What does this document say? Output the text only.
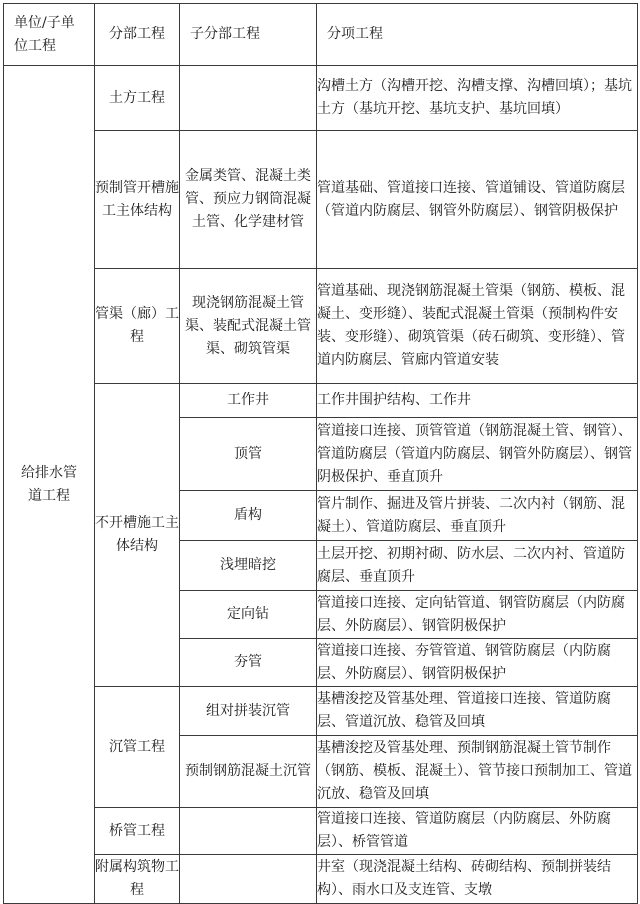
单位/子单位工程	分部工程	子分部工程	分项工程

给排水管道工程	土方工程		沟槽土方（沟槽开挖、沟槽支撑、沟槽回填）；基坑土方（基坑开挖、基坑支护、基坑回填）
	预制管开槽施工主体结构	金属类管、混凝土类管、预应力钢筒混凝土管、化学建材管	管道基础、管道接口连接、管道铺设、管道防腐层（管道内防腐层、钢管外防腐层）、钢管阴极保护
	管渠（廊）工程	现浇钢筋混凝土管渠、装配式混凝土管渠、砌筑管渠	管道基础、现浇钢筋混凝土管渠（钢筋、模板、混凝土、变形缝）、装配式混凝土管渠（预制构件安装、变形缝）、砌筑管渠（砖石砌筑、变形缝）、管道内防腐层、管廊内管道安装
	不开槽施工主体结构	工作井	工作井围护结构、工作井
		顶管	管道接口连接、顶管管道（钢筋混凝土管、钢管）、管道防腐层（管道内防腐层、钢管外防腐层）、钢管阴极保护、垂直顶升
		盾构	管片制作、掘进及管片拼装、二次内衬（钢筋、混凝土）、管道防腐层、垂直顶升
		浅埋暗挖	土层开挖、初期衬砌、防水层、二次内衬、管道防腐层、垂直顶升
		定向钻	管道接口连接、定向钻管道、钢管防腐层（内防腐层、外防腐层）、钢管阴极保护
		夯管	管道接口连接、夯管管道、钢管防腐层（内防腐层、外防腐层）、钢管阴极保护
	沉管工程	组对拼装沉管	基槽浚挖及管基处理、管道接口连接、管道防腐层、管道沉放、稳管及回填
		预制钢筋混凝土沉管	基槽浚挖及管基处理、预制钢筋混凝土管节制作（钢筋、模板、混凝土）、管节接口预制加工、管道沉放、稳管及回填
	桥管工程		管道接口连接、管道防腐层（内防腐层、外防腐层）、桥管管道
	附属构筑物工程		井室（现浇混凝土结构、砖砌结构、预制拼装结构）、雨水口及支连管、支墩
